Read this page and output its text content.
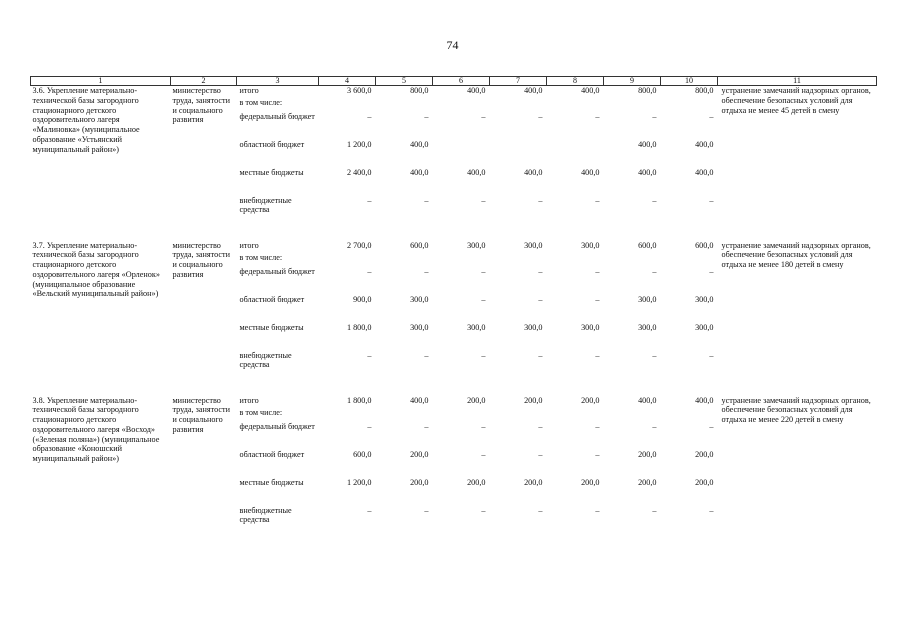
74
1	2	3	4	5	6	7	8	9	10	11
3.6. Укрепление материально-технической базы загородного стационарного детского оздоровительного лагеря «Малиновка» (муниципальное образование «Устьянский муниципальный район»)	министерство труда, занятости и социального развития	итого	3 600,0	800,0	400,0	400,0	400,0	800,0	800,0	устранение замечаний надзорных органов, обеспечение безопасных условий для отдыха не менее 45 детей в смену
		в том числе:								
		федеральный бюджет	–	–	–	–	–	–	–	
		областной бюджет	1 200,0	400,0				400,0	400,0	
		местные бюджеты	2 400,0	400,0	400,0	400,0	400,0	400,0	400,0	
		внебюджетные средства	–	–	–	–	–	–	–	

3.7. Укрепление материально-технической базы загородного стационарного детского оздоровительного лагеря «Орленок» (муниципальное образование «Вельский муниципальный район»)	министерство труда, занятости и социального развития	итого	2 700,0	600,0	300,0	300,0	300,0	600,0	600,0	устранение замечаний надзорных органов, обеспечение безопасных условий для отдыха не менее 180 детей в смену
		в том числе:								
		федеральный бюджет	–	–	–	–	–	–	–	
		областной бюджет	900,0	300,0	–	–	–	300,0	300,0	
		местные бюджеты	1 800,0	300,0	300,0	300,0	300,0	300,0	300,0	
		внебюджетные средства	–	–	–	–	–	–	–	

3.8. Укрепление материально-технической базы загородного стационарного детского оздоровительного лагеря «Восход» («Зеленая поляна») (муниципальное образование «Коношский муниципальный район»)	министерство труда, занятости и социального развития	итого	1 800,0	400,0	200,0	200,0	200,0	400,0	400,0	устранение замечаний надзорных органов, обеспечение безопасных условий для отдыха не менее 220 детей в смену
		в том числе:								
		федеральный бюджет	–	–	–	–	–	–	–	
		областной бюджет	600,0	200,0	–	–	–	200,0	200,0	
		местные бюджеты	1 200,0	200,0	200,0	200,0	200,0	200,0	200,0	
		внебюджетные средства	–	–	–	–	–	–	–	
